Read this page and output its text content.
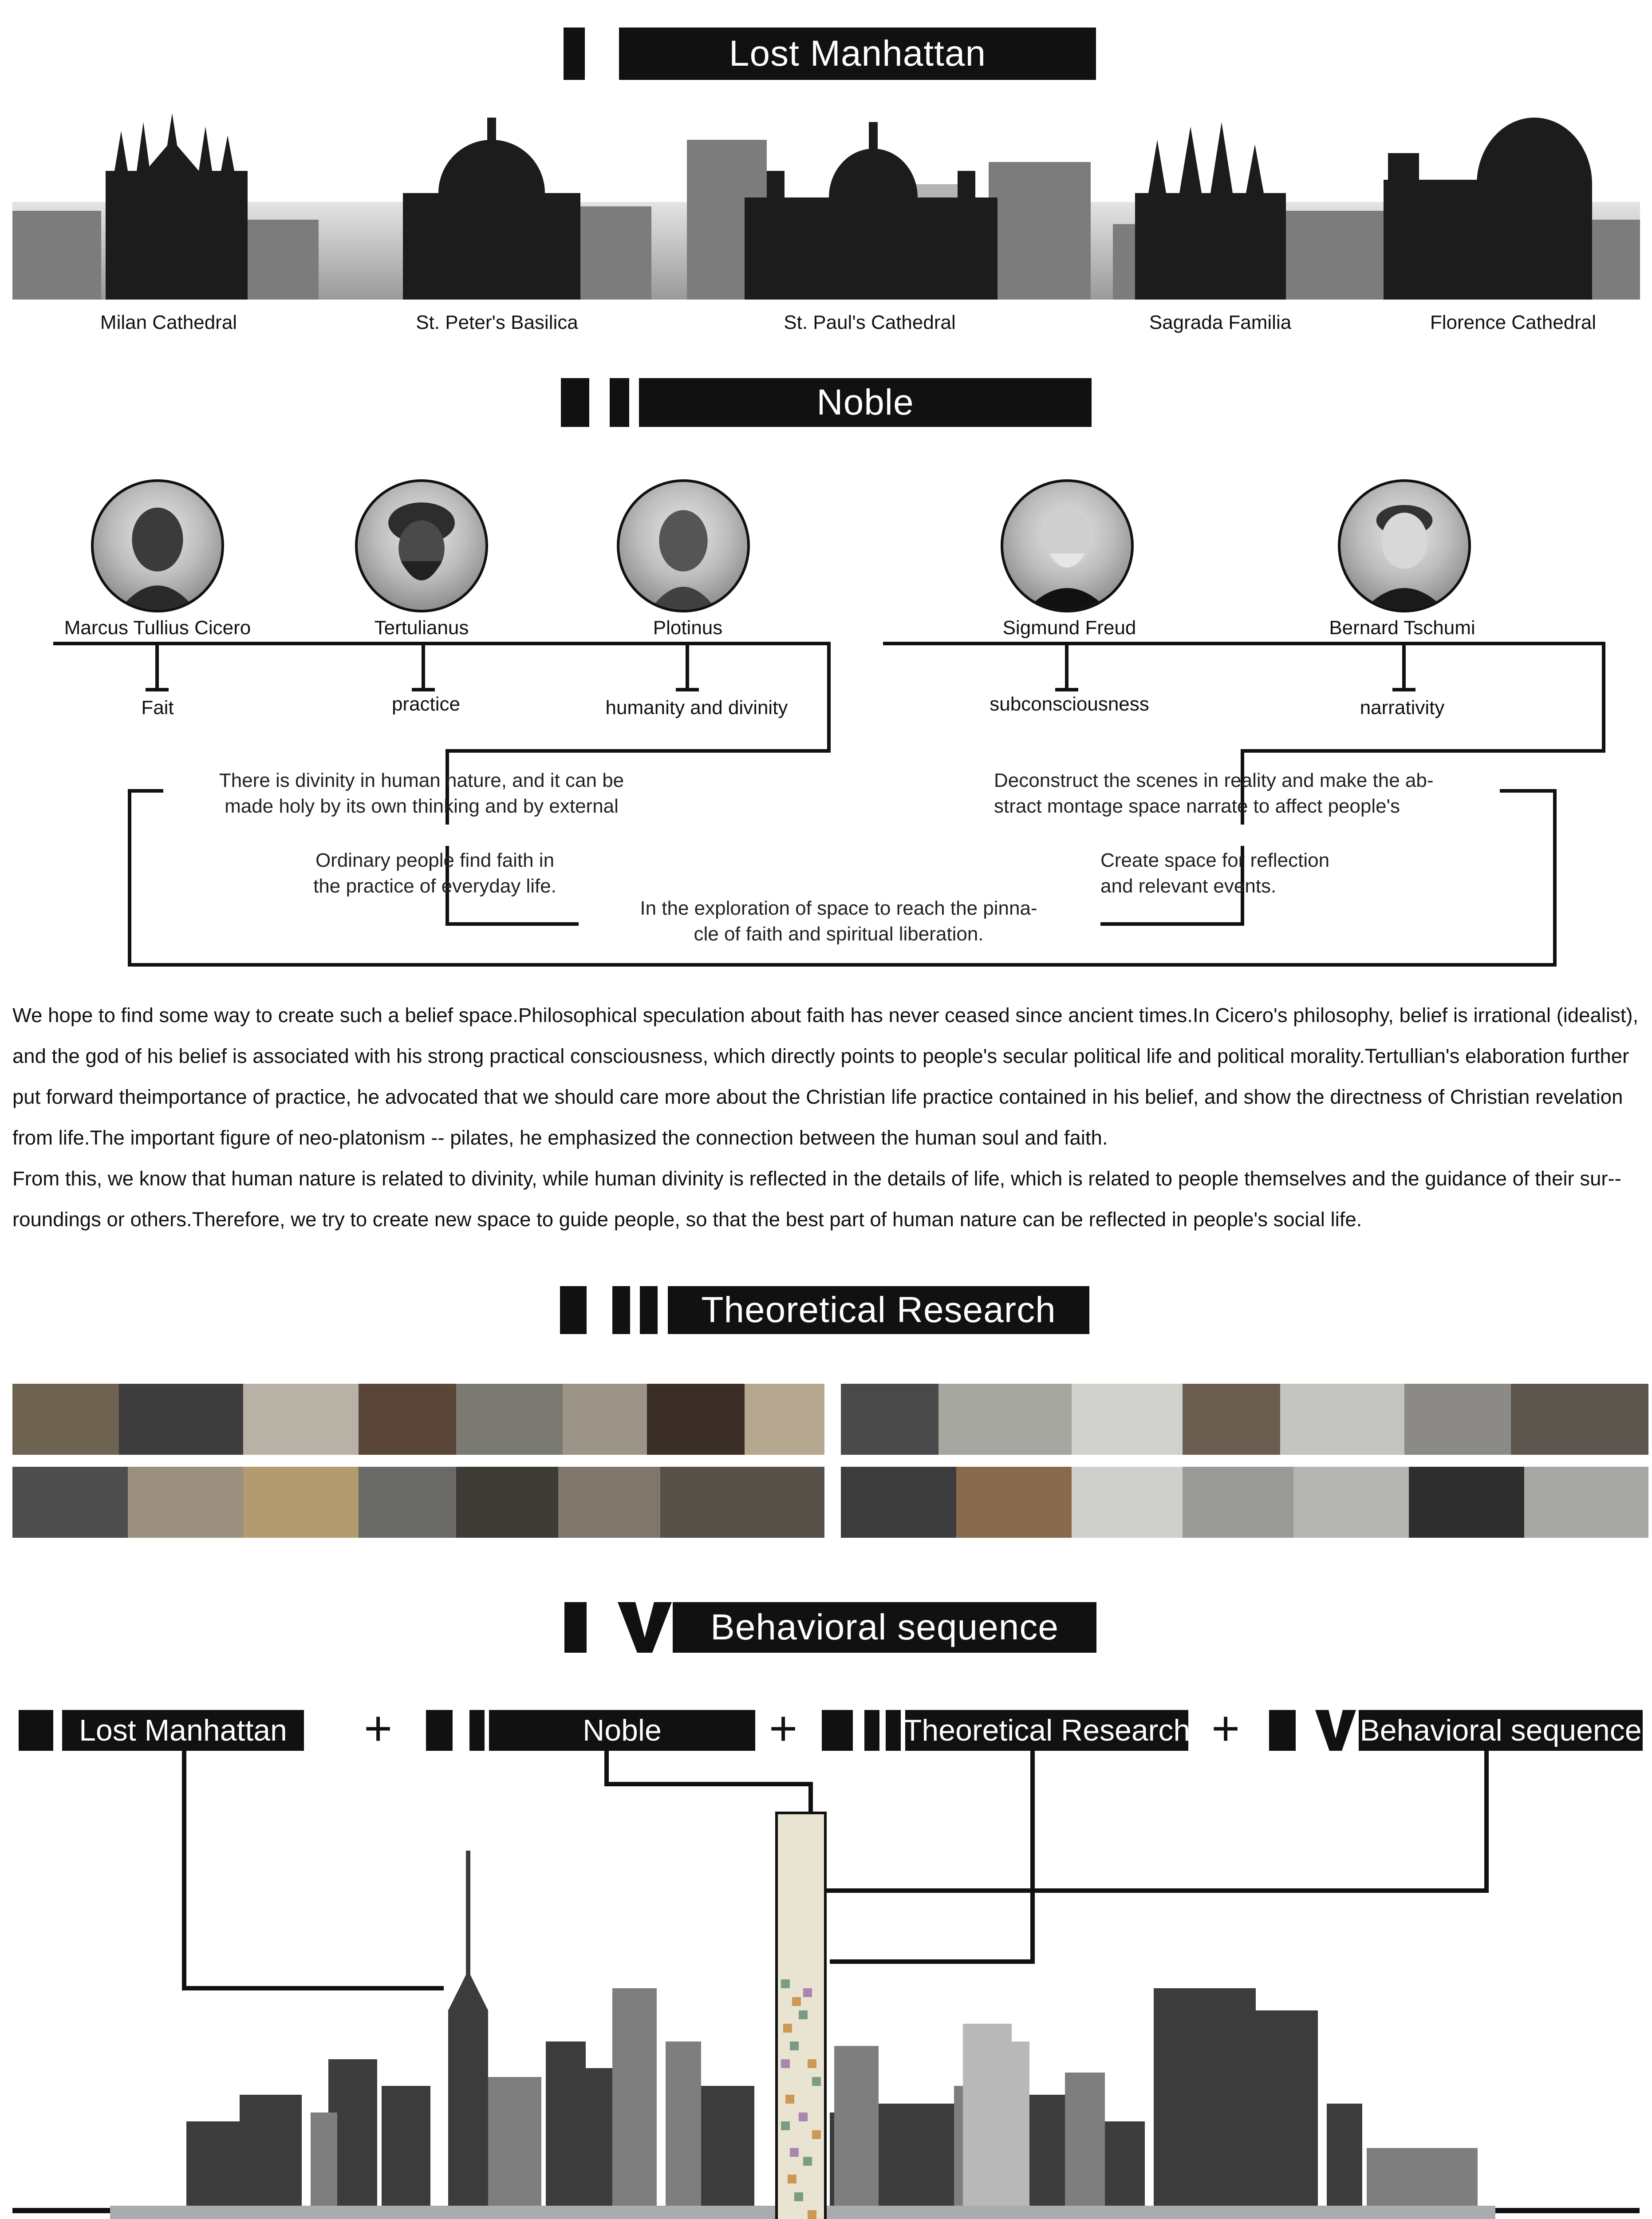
Lost Manhattan
Milan Cathedral	St. Peter's Basilica	St. Paul's Cathedral	Sagrada Familia	Florence Cathedral
Noble
Marcus Tullius Cicero	Tertulianus	Plotinus	Sigmund Freud	Bernard Tschumi
Fait	practice	humanity and divinity	subconsciousness	narrativity
There is divinity in human nature, and it can be
made holy by its own thinking and by external
Ordinary people find faith in
the practice of everyday life.
In the exploration of space to reach the pinna-
cle of faith and spiritual liberation.
Deconstruct the scenes in reality and make the ab-
stract montage space narrate to affect people's
Create space for reflection
and relevant events.

We hope to find some way to create such a belief space.Philosophical speculation about faith has never ceased since ancient times.In Cicero's philosophy, belief is irrational (idealist), and the god of his belief is associated with his strong practical consciousness, which directly points to people's secular political life and political morality.Tertullian's elaboration further put forward theimportance of practice, he advocated that we should care more about the Christian life practice contained in his belief, and show the directness of Christian revelation from life.The important figure of neo-platonism -- pilates, he emphasized the connection between the human soul and faith.

From this, we know that human nature is related to divinity, while human divinity is reflected in the details of life, which is related to people themselves and the guidance of their sur-- roundings or others.Therefore, we try to create new space to guide people, so that the best part of human nature can be reflected in people's social life.

Theoretical Research
Behavioral sequence
Lost Manhattan	+	Noble	+	Theoretical Research +	Behavioral sequence
